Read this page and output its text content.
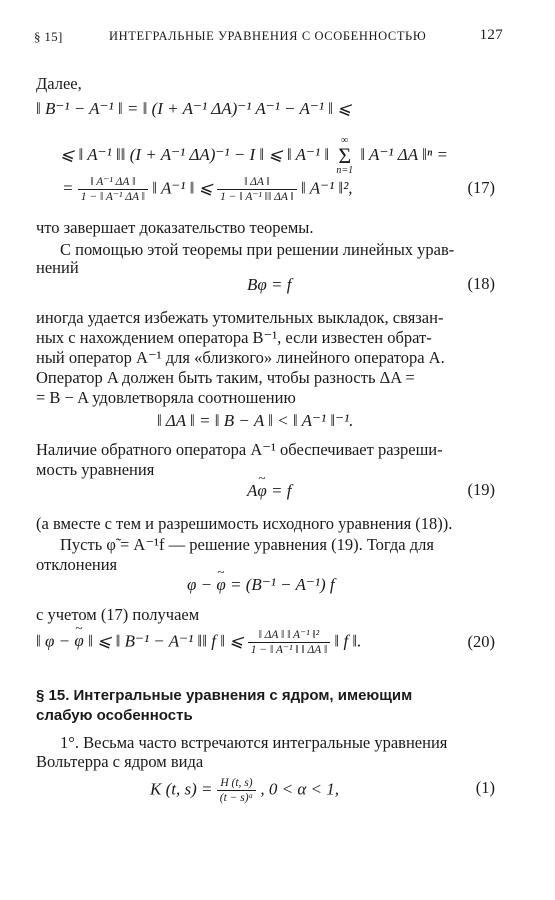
§ 15]	ИНТЕГРАЛЬНЫЕ УРАВНЕНИЯ С ОСОБЕННОСТЬЮ	127
Далее,
‖ B⁻¹ − A⁻¹ ‖ = ‖ (I + A⁻¹ ΔA)⁻¹ A⁻¹ − A⁻¹ ‖ ⩽
⩽ ‖ A⁻¹ ‖‖ (I + A⁻¹ ΔA)⁻¹ − I ‖ ⩽ ‖ A⁻¹ ‖ ∞
Σ
n=1 ‖ A⁻¹ ΔA ‖ⁿ =
= $\frac{\text{‖ A⁻¹ ΔA ‖}}{\text{1 − ‖ A⁻¹ ΔA ‖}}$ ‖ A⁻¹ ‖ ⩽ $\frac{‖ \Delta A ‖}{\text{1 − ‖ A⁻¹ ‖‖ ΔA ‖}}$ ‖ A⁻¹ ‖²,	(17)
что завершает доказательство теоремы.
С помощью этой теоремы при решении линейных урав-
нений
Bφ = f	(18)
иногда удается избежать утомительных выкладок, связан-
ных с нахождением оператора B⁻¹, если известен обрат-
ный оператор A⁻¹ для «близкого» линейного оператора A.
Оператор A должен быть таким, чтобы разность ΔA =
= B − A удовлетворяла соотношению
‖ ΔA ‖ = ‖ B − A ‖ < ‖ A⁻¹ ‖⁻¹.
Наличие обратного оператора A⁻¹ обеспечивает разреши-
мость уравнения
A~ φ = f	(19)
(а вместе с тем и разрешимость исходного уравнения (18)).
Пусть φ̃ = A⁻¹f — решение уравнения (19). Тогда для
отклонения
φ − ~ φ = (B⁻¹ − A⁻¹) f
с учетом (17) получаем
‖ φ − ~ φ ‖ ⩽ ‖ B⁻¹ − A⁻¹ ‖‖ f ‖ ⩽ $\frac{\text{‖ ΔA ‖ ‖ A⁻¹ ‖²}}{\text{1 − ‖ A⁻¹ ‖ ‖ ΔA ‖}}$ ‖ f ‖.	(20)
§ 15. Интегральные уравнения с ядром, имеющим
слабую особенность
1°. Весьма часто встречаются интегральные уравнения
Вольтерра с ядром вида
K (t, $s) = \frac{H (t, s)}{\text{(t − s)ᵅ}}$ , 0 < α < 1,	(1)
